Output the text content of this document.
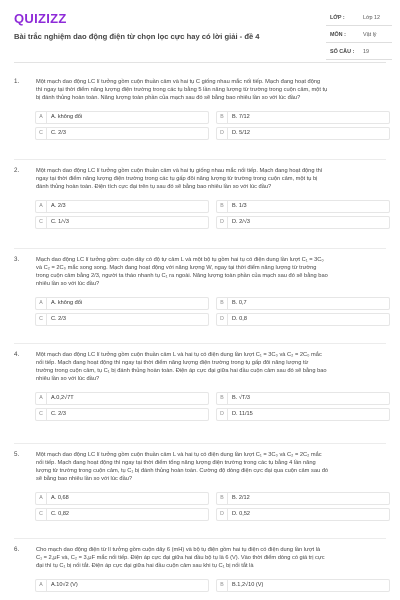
QUIZIZZ
Bài trắc nghiệm dao động điện từ chọn lọc cực hay có lời giải - đề 4
LỚP :	Lớp 12
MÔN :	Vật lý
SỐ CÂU : 19
1.	Một mạch dao động LC lí tưởng gồm cuộn thuần cảm và hai tụ C giống nhau mắc nối tiếp. Mạch đang hoạt động
thì ngay tại thời điểm năng lượng điện trường trong các tụ bằng 5 lần năng lượng từ trường trong cuộn cảm, một tụ
bị đánh thủng hoàn toàn. Năng lượng toàn phần của mạch sau đó sẽ bằng bao nhiêu lần so với lúc đầu?
A	A. không đổi	B	B. 7/12
C	C. 2/3	D	D. 5/12
2.	Một mạch dao động LC lí tưởng gồm cuộn thuần cảm và hai tụ giống nhau mắc nối tiếp. Mạch đang hoạt động thì
ngay tại thời điểm năng lượng điện trường trong các tụ gấp đôi năng lượng từ trường trong cuộn cảm, một tụ bị
đánh thủng hoàn toàn. Điện tích cực đại trên tụ sau đó sẽ bằng bao nhiêu lần so với lúc đầu?
A	A. 2/3	B	B. 1/3
C	C. 1/√3	D	D. 2/√3
3.	Mạch dao động LC lí tưởng gồm: cuộn dây có độ tự cảm L và một bộ tụ gồm hai tụ có điện dung lần lượt C₁ = 3C₀
và C₂ = 2C₀ mắc song song. Mạch đang hoạt động với năng lượng W, ngay tại thời điểm năng lượng từ trường
trong cuộn cảm bằng 2/3, người ta tháo nhanh tụ C₁ ra ngoài. Năng lượng toàn phần của mạch sau đó sẽ bằng bao
nhiêu lần so với lúc đầu?
A	A. không đổi	B	B. 0,7
C	C. 2/3	D	D. 0,8
4.	Một mạch dao động LC lí tưởng gồm cuộn thuần cảm L và hai tụ có điện dung lần lượt C₁ = 3C₀ và C₂ = 2C₀ mắc
nối tiếp. Mạch đang hoạt động thì ngay tại thời điểm năng lượng điện trường trong tụ gấp đôi năng lượng từ
trường trong cuộn cảm, tụ C₁ bị đánh thủng hoàn toàn. Điện áp cực đại giữa hai đầu cuộn cảm sau đó sẽ bằng bao
nhiêu lần so với lúc đầu?
A	A.0,2√7T	B	B. √T/3
C	C. 2/3	D	D. 11/15
5.	Một mạch dao động LC lí tưởng gồm cuộn thuần cảm L và hai tụ có điện dung lần lượt C₁ = 3C₀ và C₂ = 2C₂ mắc
nối tiếp. Mạch đang hoạt động thì ngay tại thời điểm tổng năng lượng điện trường trong các tụ bằng 4 lần năng
lượng từ trường trong cuộn cảm, tụ C₁ bị đánh thủng hoàn toàn. Cường độ dòng điện cực đại qua cuộn cảm sau đó
sẽ bằng bao nhiêu lần so với lúc đầu?
A	A. 0,68	B	B. 2/12
C	C. 0,82	D	D. 0,52
6.	Cho mạch dao động điện từ lí tưởng gồm cuộn dây 6 (mH) và bộ tụ điện gồm hai tụ điện có điện dung lần lượt là
C₁ = 2,μF và, C₂ = 3,μF mắc nối tiếp. Điện áp cực đại giữa hai đầu bộ tụ là 6 (V). Vào thời điểm dòng có giá trị cực
đại thì tụ C₁ bị nối tắt. Điện áp cực đại giữa hai đầu cuộn cảm sau khi tụ C₁ bị nối tắt là
A	A.10√2 (V)	B	B.1,2√10 (V)
